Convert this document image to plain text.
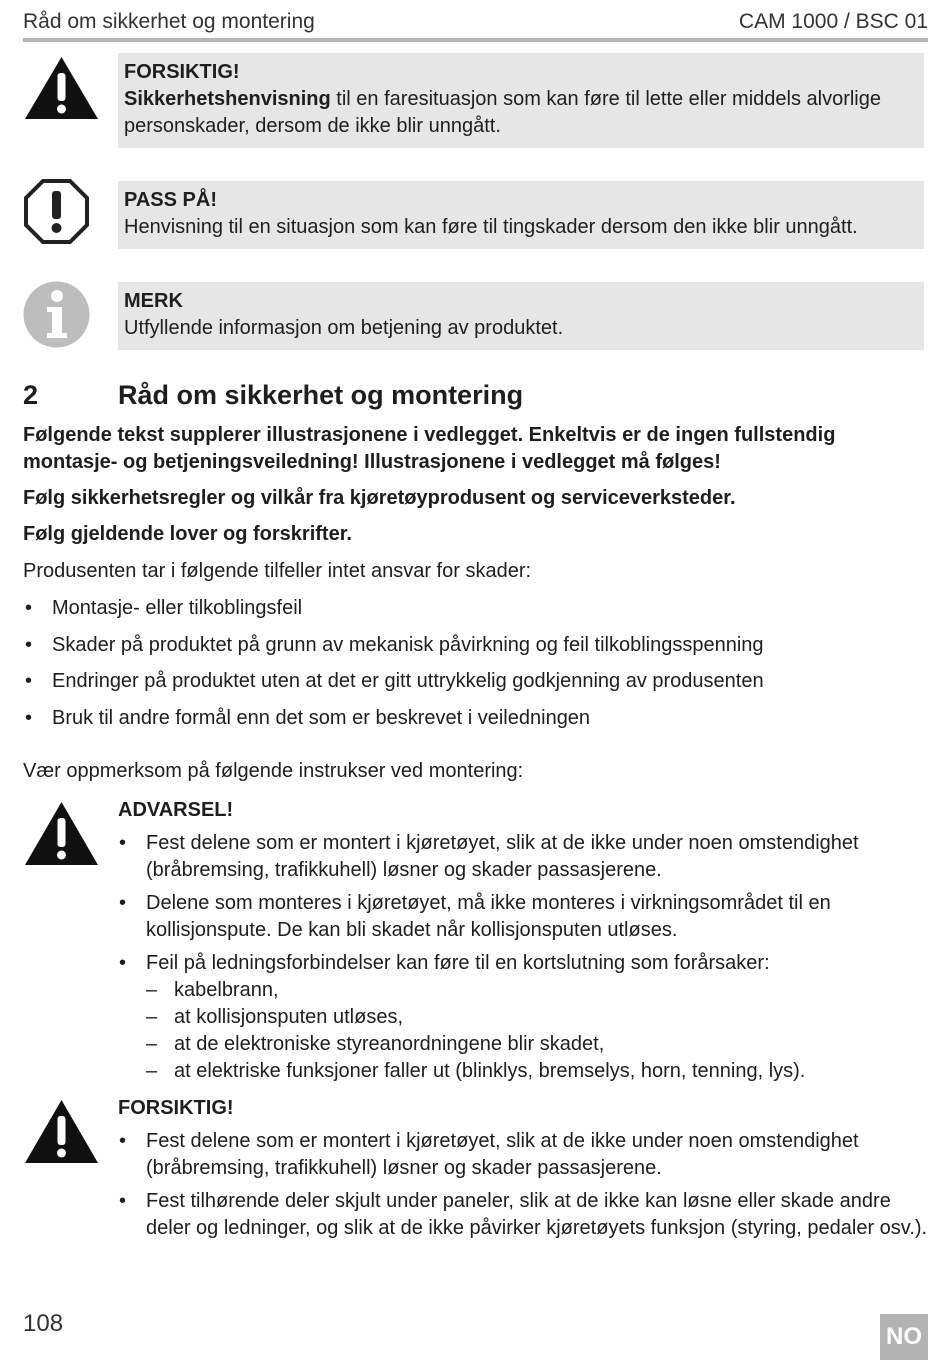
Råd om sikkerhet og montering	CAM 1000 / BSC 01
FORSIKTIG!
Sikkerhetshenvisning til en faresituasjon som kan føre til lette eller middels alvorlige personskader, dersom de ikke blir unngått.
PASS PÅ!
Henvisning til en situasjon som kan føre til tingskader dersom den ikke blir unngått.
MERK
Utfyllende informasjon om betjening av produktet.
2	Råd om sikkerhet og montering
Følgende tekst supplerer illustrasjonene i vedlegget. Enkeltvis er de ingen fullstendig montasje- og betjeningsveiledning! Illustrasjonene i vedlegget må følges!
Følg sikkerhetsregler og vilkår fra kjøretøyprodusent og serviceverksteder.
Følg gjeldende lover og forskrifter.
Produsenten tar i følgende tilfeller intet ansvar for skader:
• Montasje- eller tilkoblingsfeil
• Skader på produktet på grunn av mekanisk påvirkning og feil tilkoblingsspenning
• Endringer på produktet uten at det er gitt uttrykkelig godkjenning av produsenten
• Bruk til andre formål enn det som er beskrevet i veiledningen
Vær oppmerksom på følgende instrukser ved montering:
ADVARSEL!
• Fest delene som er montert i kjøretøyet, slik at de ikke under noen omstendighet (bråbremsing, trafikkuhell) løsner og skader passasjerene.
• Delene som monteres i kjøretøyet, må ikke monteres i virkningsområdet til en kollisjonspute. De kan bli skadet når kollisjonsputen utløses.
• Feil på ledningsforbindelser kan føre til en kortslutning som forårsaker:
– kabelbrann,
– at kollisjonsputen utløses,
– at de elektroniske styreanordningene blir skadet,
– at elektriske funksjoner faller ut (blinklys, bremselys, horn, tenning, lys).
FORSIKTIG!
• Fest delene som er montert i kjøretøyet, slik at de ikke under noen omstendighet (bråbremsing, trafikkuhell) løsner og skader passasjerene.
• Fest tilhørende deler skjult under paneler, slik at de ikke kan løsne eller skade andre deler og ledninger, og slik at de ikke påvirker kjøretøyets funksjon (styring, pedaler osv.).
108	NO
